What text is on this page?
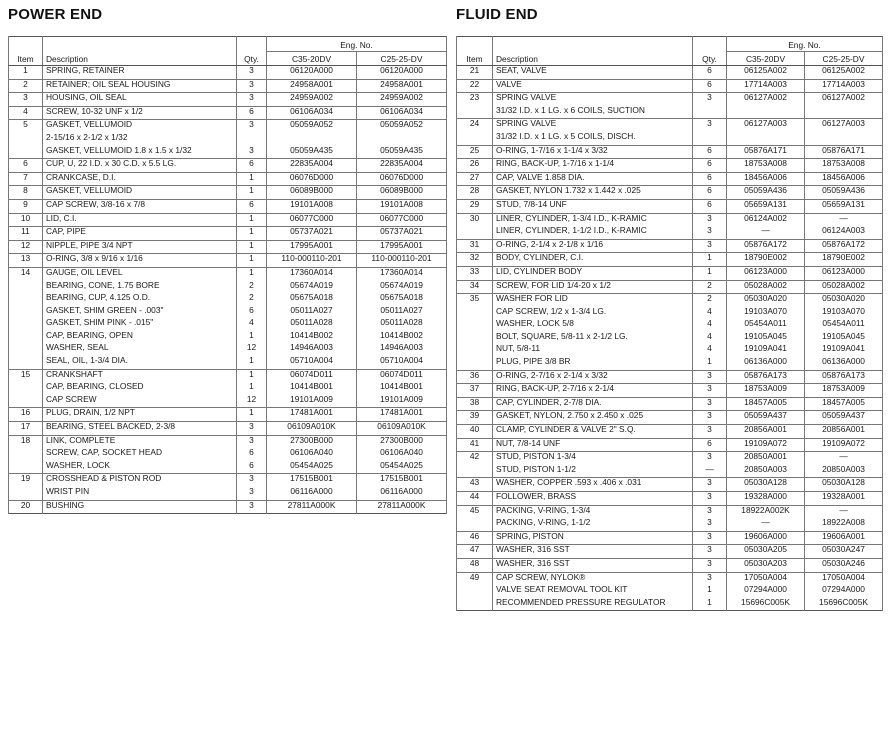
POWER END	FLUID END
			Eng. No.	
Item	Description	Qty.	C35-20DV	C25-25-DV
1	SPRING, RETAINER	3	06120A000	06120A000
2	RETAINER; OIL SEAL HOUSING	3	24958A001	24958A001
3	HOUSING, OIL SEAL	3	24959A002	24959A002
4	SCREW, 10-32 UNF x 1/2	6	06106A034	06106A034
5	GASKET, VELLUMOID	3	05059A052	05059A052
	2-15/16 x 2-1/2 x 1/32			
	GASKET, VELLUMOID 1.8 x 1.5 x 1/32	3	05059A435	05059A435
6	CUP, U, 22 I.D. x 30 C.D. x 5.5 LG.	6	22835A004	22835A004
7	CRANKCASE, D.I.	1	06076D000	06076D000
8	GASKET, VELLUMOID	1	06089B000	06089B000
9	CAP SCREW, 3/8-16 x 7/8	6	19101A008	19101A008
10	LID, C.I.	1	06077C000	06077C000
11	CAP, PIPE	1	05737A021	05737A021
12	NIPPLE, PIPE 3/4 NPT	1	17995A001	17995A001
13	O-RING, 3/8 x 9/16 x 1/16	1	110-000110-201	110-000110-201
14	GAUGE, OIL LEVEL	1	17360A014	17360A014
	BEARING, CONE, 1.75 BORE	2	05674A019	05674A019
	BEARING, CUP, 4.125 O.D.	2	05675A018	05675A018
	GASKET, SHIM GREEN - .003"	6	05011A027	05011A027
	GASKET, SHIM PINK - .015"	4	05011A028	05011A028
	CAP, BEARING, OPEN	1	10414B002	10414B002
	WASHER, SEAL	12	14946A003	14946A003
	SEAL, OIL, 1-3/4 DIA.	1	05710A004	05710A004
15	CRANKSHAFT	1	06074D011	06074D011
	CAP, BEARING, CLOSED	1	10414B001	10414B001
	CAP SCREW	12	19101A009	19101A009
16	PLUG, DRAIN, 1/2 NPT	1	17481A001	17481A001
17	BEARING, STEEL BACKED, 2-3/8	3	06109A010K	06109A010K
18	LINK, COMPLETE	3	27300B000	27300B000
	SCREW, CAP, SOCKET HEAD	6	06106A040	06106A040
	WASHER, LOCK	6	05454A025	05454A025
19	CROSSHEAD & PISTON ROD	3	17515B001	17515B001
	WRIST PIN	3	06116A000	06116A000
20	BUSHING	3	27811A000K	27811A000K
			Eng. No.	
Item	Description	Qty.	C35-20DV	C25-25-DV
21	SEAT, VALVE	6	06125A002	06125A002
22	VALVE	6	17714A003	17714A003
23	SPRING VALVE	3	06127A002	06127A002
	31/32 I.D. x 1 LG. x 6 COILS, SUCTION			
24	SPRING VALVE	3	06127A003	06127A003
	31/32 I.D. x 1 LG. x 5 COILS, DISCH.			
25	O-RING, 1-7/16 x 1-1/4 x 3/32	6	05876A171	05876A171
26	RING, BACK-UP, 1-7/16 x 1-1/4	6	18753A008	18753A008
27	CAP, VALVE 1.858 DIA.	6	18456A006	18456A006
28	GASKET, NYLON 1.732 x 1.442 x .025	6	05059A436	05059A436
29	STUD, 7/8-14 UNF	6	05659A131	05659A131
30	LINER, CYLINDER, 1-3/4 I.D., K-RAMIC	3	06124A002	—
	LINER, CYLINDER, 1-1/2 I.D., K-RAMIC	3	—	06124A003
31	O-RING, 2-1/4 x 2-1/8 x 1/16	3	05876A172	05876A172
32	BODY, CYLINDER, C.I.	1	18790E002	18790E002
33	LID, CYLINDER BODY	1	06123A000	06123A000
34	SCREW, FOR LID 1/4-20 x 1/2	2	05028A002	05028A002
35	WASHER FOR LID	2	05030A020	05030A020
	CAP SCREW, 1/2 x 1-3/4 LG.	4	19103A070	19103A070
	WASHER, LOCK 5/8	4	05454A011	05454A011
	BOLT, SQUARE, 5/8-11 x 2-1/2 LG.	4	19105A045	19105A045
	NUT, 5/8-11	4	19109A041	19109A041
	PLUG, PIPE 3/8 BR	1	06136A000	06136A000
36	O-RING, 2-7/16 x 2-1/4 x 3/32	3	05876A173	05876A173
37	RING, BACK-UP, 2-7/16 x 2-1/4	3	18753A009	18753A009
38	CAP, CYLINDER, 2-7/8 DIA.	3	18457A005	18457A005
39	GASKET, NYLON, 2.750 x 2.450 x .025	3	05059A437	05059A437
40	CLAMP, CYLINDER & VALVE 2" S.Q.	3	20856A001	20856A001
41	NUT, 7/8-14 UNF	6	19109A072	19109A072
42	STUD, PISTON 1-3/4	3	20850A001	—
	STUD, PISTON 1-1/2	—	20850A003	20850A003
43	WASHER, COPPER .593 x .406 x .031	3	05030A128	05030A128
44	FOLLOWER, BRASS	3	19328A000	19328A001
45	PACKING, V-RING, 1-3/4	3	18922A002K	—
	PACKING, V-RING, 1-1/2	3	—	18922A008
46	SPRING, PISTON	3	19606A000	19606A001
47	WASHER, 316 SST	3	05030A205	05030A247
48	WASHER, 316 SST	3	05030A203	05030A246
49	CAP SCREW, NYLOK®	3	17050A004	17050A004
	VALVE SEAT REMOVAL TOOL KIT	1	07294A000	07294A000
	RECOMMENDED PRESSURE REGULATOR	1	15696C005K	15696C005K
